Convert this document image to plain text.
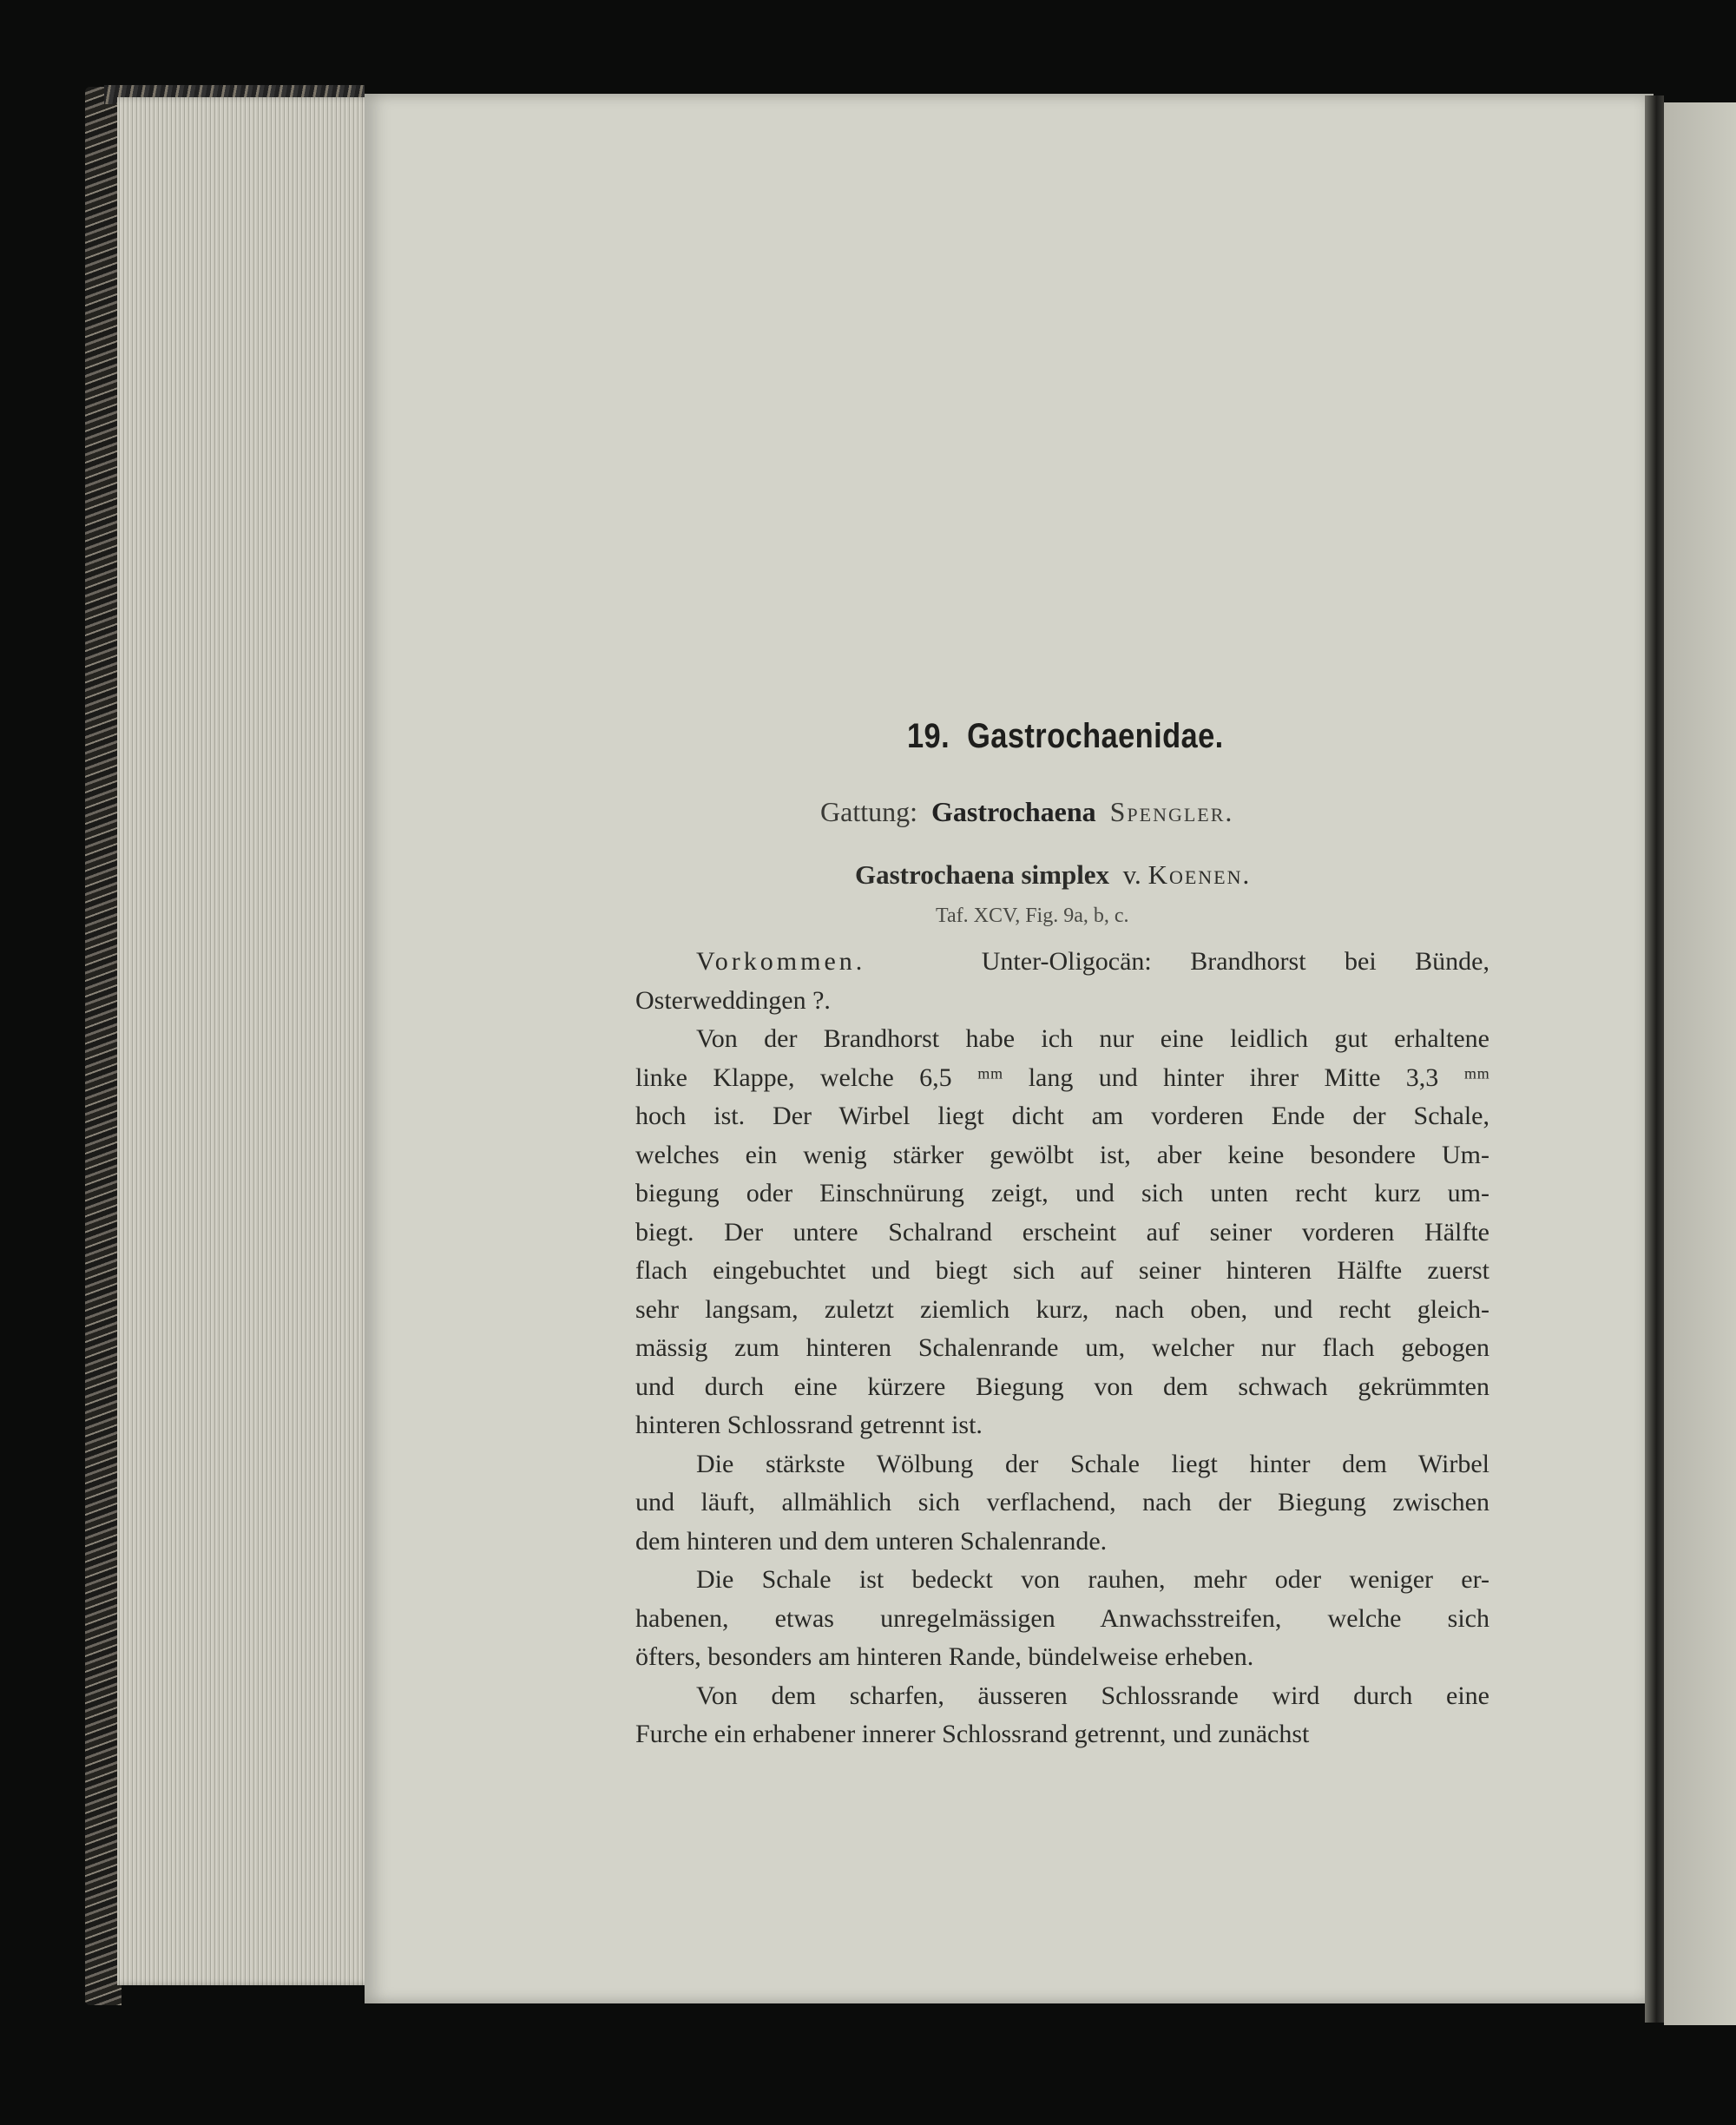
19. Gastrochaenidae.
Gattung: Gastrochaena Spengler.
Gastrochaena simplex v. Koenen.
Taf. XCV, Fig. 9a, b, c.

Vorkommen.	Unter-Oligocän: Brandhorst bei Bünde,

Osterweddingen ?.

Von der Brandhorst habe ich nur eine leidlich gut erhaltene
linke Klappe, welche 6,5 ᵐᵐ lang und hinter ihrer Mitte 3,3 ᵐᵐ
hoch ist. Der Wirbel liegt dicht am vorderen Ende der Schale,
welches ein wenig stärker gewölbt ist, aber keine besondere Um-
biegung oder Einschnürung zeigt, und sich unten recht kurz um-
biegt. Der untere Schalrand erscheint auf seiner vorderen Hälfte
flach eingebuchtet und biegt sich auf seiner hinteren Hälfte zuerst
sehr langsam, zuletzt ziemlich kurz, nach oben, und recht gleich-
mässig zum hinteren Schalenrande um, welcher nur flach gebogen
und durch eine kürzere Biegung von dem schwach gekrümmten
hinteren Schlossrand getrennt ist.

Die stärkste Wölbung der Schale liegt hinter dem Wirbel
und läuft, allmählich sich verflachend, nach der Biegung zwischen
dem hinteren und dem unteren Schalenrande.

Die Schale ist bedeckt von rauhen, mehr oder weniger er-
habenen, etwas unregelmässigen Anwachsstreifen, welche sich
öfters, besonders am hinteren Rande, bündelweise erheben.

Von dem scharfen, äusseren Schlossrande wird durch eine
Furche ein erhabener innerer Schlossrand getrennt, und zunächst
